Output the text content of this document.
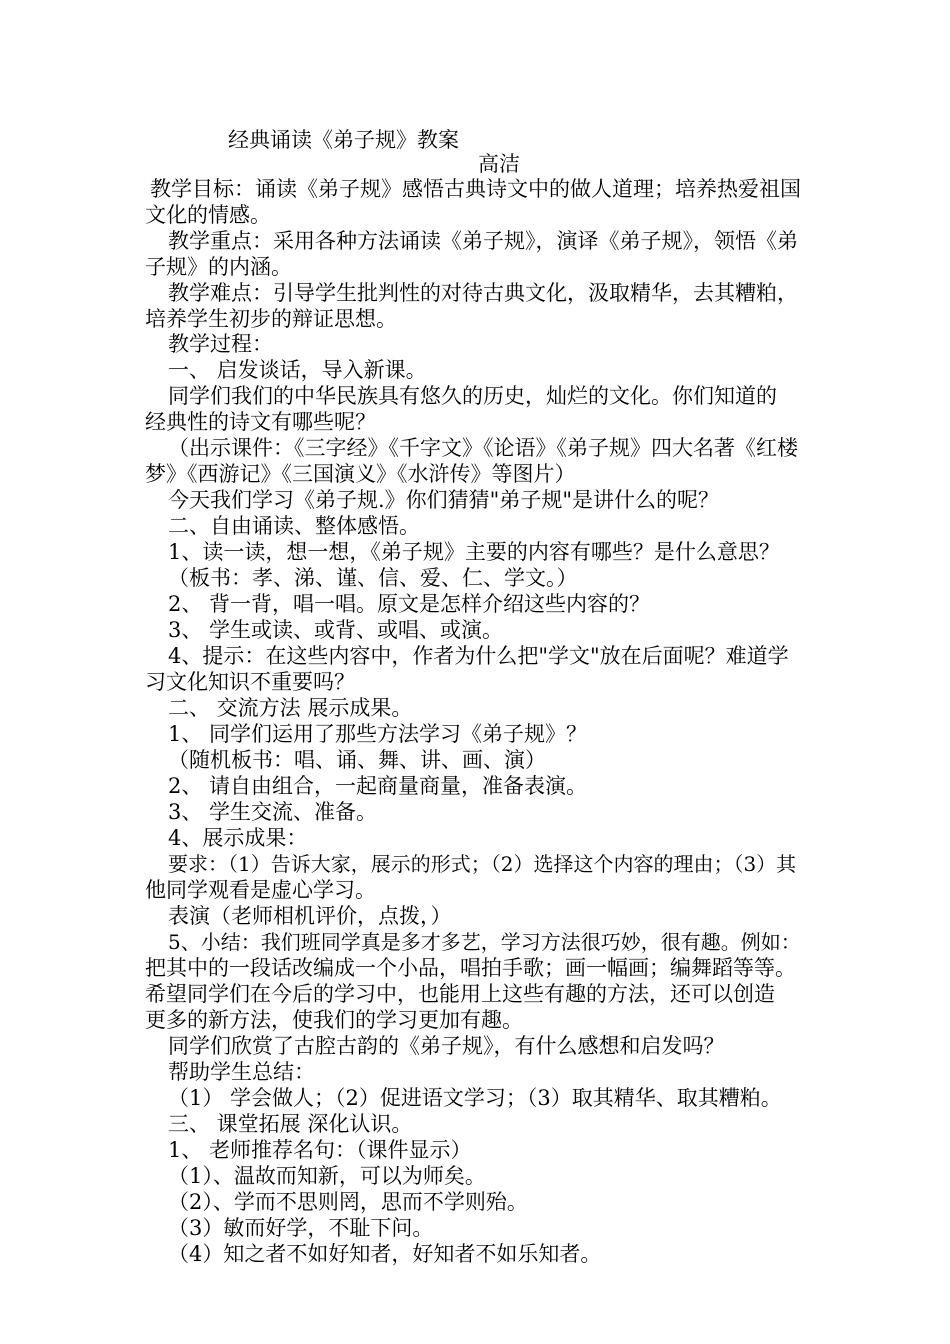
经典诵读《弟子规》教案
高洁
教学目标：诵读《弟子规》感悟古典诗文中的做人道理；培养热爱祖国
文化的情感。
教学重点：采用各种方法诵读《弟子规》，演译《弟子规》，领悟《弟
子规》的内涵。
教学难点：引导学生批判性的对待古典文化，汲取精华，去其糟粕，
培养学生初步的辩证思想。
教学过程：
一、 启发谈话，导入新课。
同学们我们的中华民族具有悠久的历史，灿烂的文化。你们知道的
经典性的诗文有哪些呢？
（出示课件：《三字经》《千字文》《论语》《弟子规》四大名著《红楼
梦》《西游记》《三国演义》《水浒传》等图片）
今天我们学习《弟子规.》你们猜猜"弟子规"是讲什么的呢？
二、自由诵读、整体感悟。
1、读一读，想一想，《弟子规》主要的内容有哪些？是什么意思？
（板书：孝、涕、谨、信、爱、仁、学文。）
2、 背一背，唱一唱。原文是怎样介绍这些内容的？
3、 学生或读、或背、或唱、或演。
4、提示：在这些内容中，作者为什么把"学文"放在后面呢？难道学
习文化知识不重要吗？
二、 交流方法 展示成果。
1、 同学们运用了那些方法学习《弟子规》？
（随机板书：唱、诵、舞、讲、画、演）
2、 请自由组合，一起商量商量，准备表演。
3、 学生交流、准备。
4、展示成果：
要求：（1）告诉大家，展示的形式；（2）选择这个内容的理由；（3）其
他同学观看是虚心学习。
表演（老师相机评价，点拨，）
5、小结：我们班同学真是多才多艺，学习方法很巧妙，很有趣。例如：
把其中的一段话改编成一个小品，唱拍手歌；画一幅画；编舞蹈等等。
希望同学们在今后的学习中，也能用上这些有趣的方法，还可以创造
更多的新方法，使我们的学习更加有趣。
同学们欣赏了古腔古韵的《弟子规》，有什么感想和启发吗？
帮助学生总结：
（1） 学会做人；（2）促进语文学习；（3）取其精华、取其糟粕。
三、 课堂拓展 深化认识。
1、 老师推荐名句：（课件显示）
（1）、温故而知新，可以为师矣。
（2）、学而不思则罔，思而不学则殆。
（3）敏而好学，不耻下问。
（4）知之者不如好知者，好知者不如乐知者。
